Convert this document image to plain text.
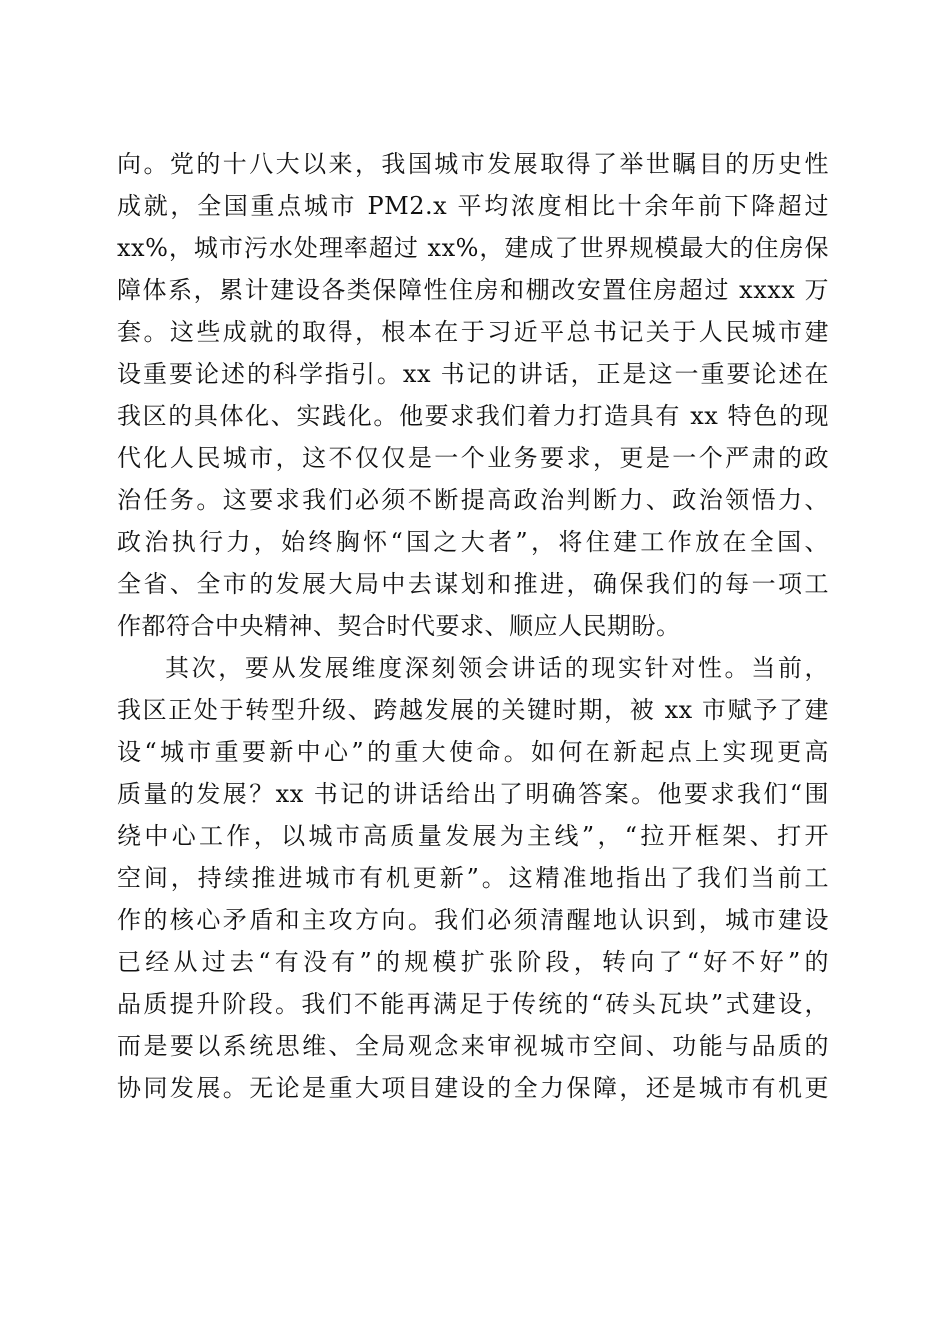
向。党的十八大以来，我国城市发展取得了举世瞩目的历史性
成就，全国重点城市 PM2.x 平均浓度相比十余年前下降超过
xx%，城市污水处理率超过 xx%，建成了世界规模最大的住房保
障体系，累计建设各类保障性住房和棚改安置住房超过 xxxx 万
套。这些成就的取得，根本在于习近平总书记关于人民城市建
设重要论述的科学指引。xx 书记的讲话，正是这一重要论述在
我区的具体化、实践化。他要求我们着力打造具有 xx 特色的现
代化人民城市，这不仅仅是一个业务要求，更是一个严肃的政
治任务。这要求我们必须不断提高政治判断力、政治领悟力、
政治执行力，始终胸怀“国之大者”，将住建工作放在全国、
全省、全市的发展大局中去谋划和推进，确保我们的每一项工
作都符合中央精神、契合时代要求、顺应人民期盼。
其次，要从发展维度深刻领会讲话的现实针对性。当前，
我区正处于转型升级、跨越发展的关键时期，被 xx 市赋予了建
设“城市重要新中心”的重大使命。如何在新起点上实现更高
质量的发展？xx 书记的讲话给出了明确答案。他要求我们“围
绕中心工作，以城市高质量发展为主线”，“拉开框架、打开
空间，持续推进城市有机更新”。这精准地指出了我们当前工
作的核心矛盾和主攻方向。我们必须清醒地认识到，城市建设
已经从过去“有没有”的规模扩张阶段，转向了“好不好”的
品质提升阶段。我们不能再满足于传统的“砖头瓦块”式建设，
而是要以系统思维、全局观念来审视城市空间、功能与品质的
协同发展。无论是重大项目建设的全力保障，还是城市有机更
